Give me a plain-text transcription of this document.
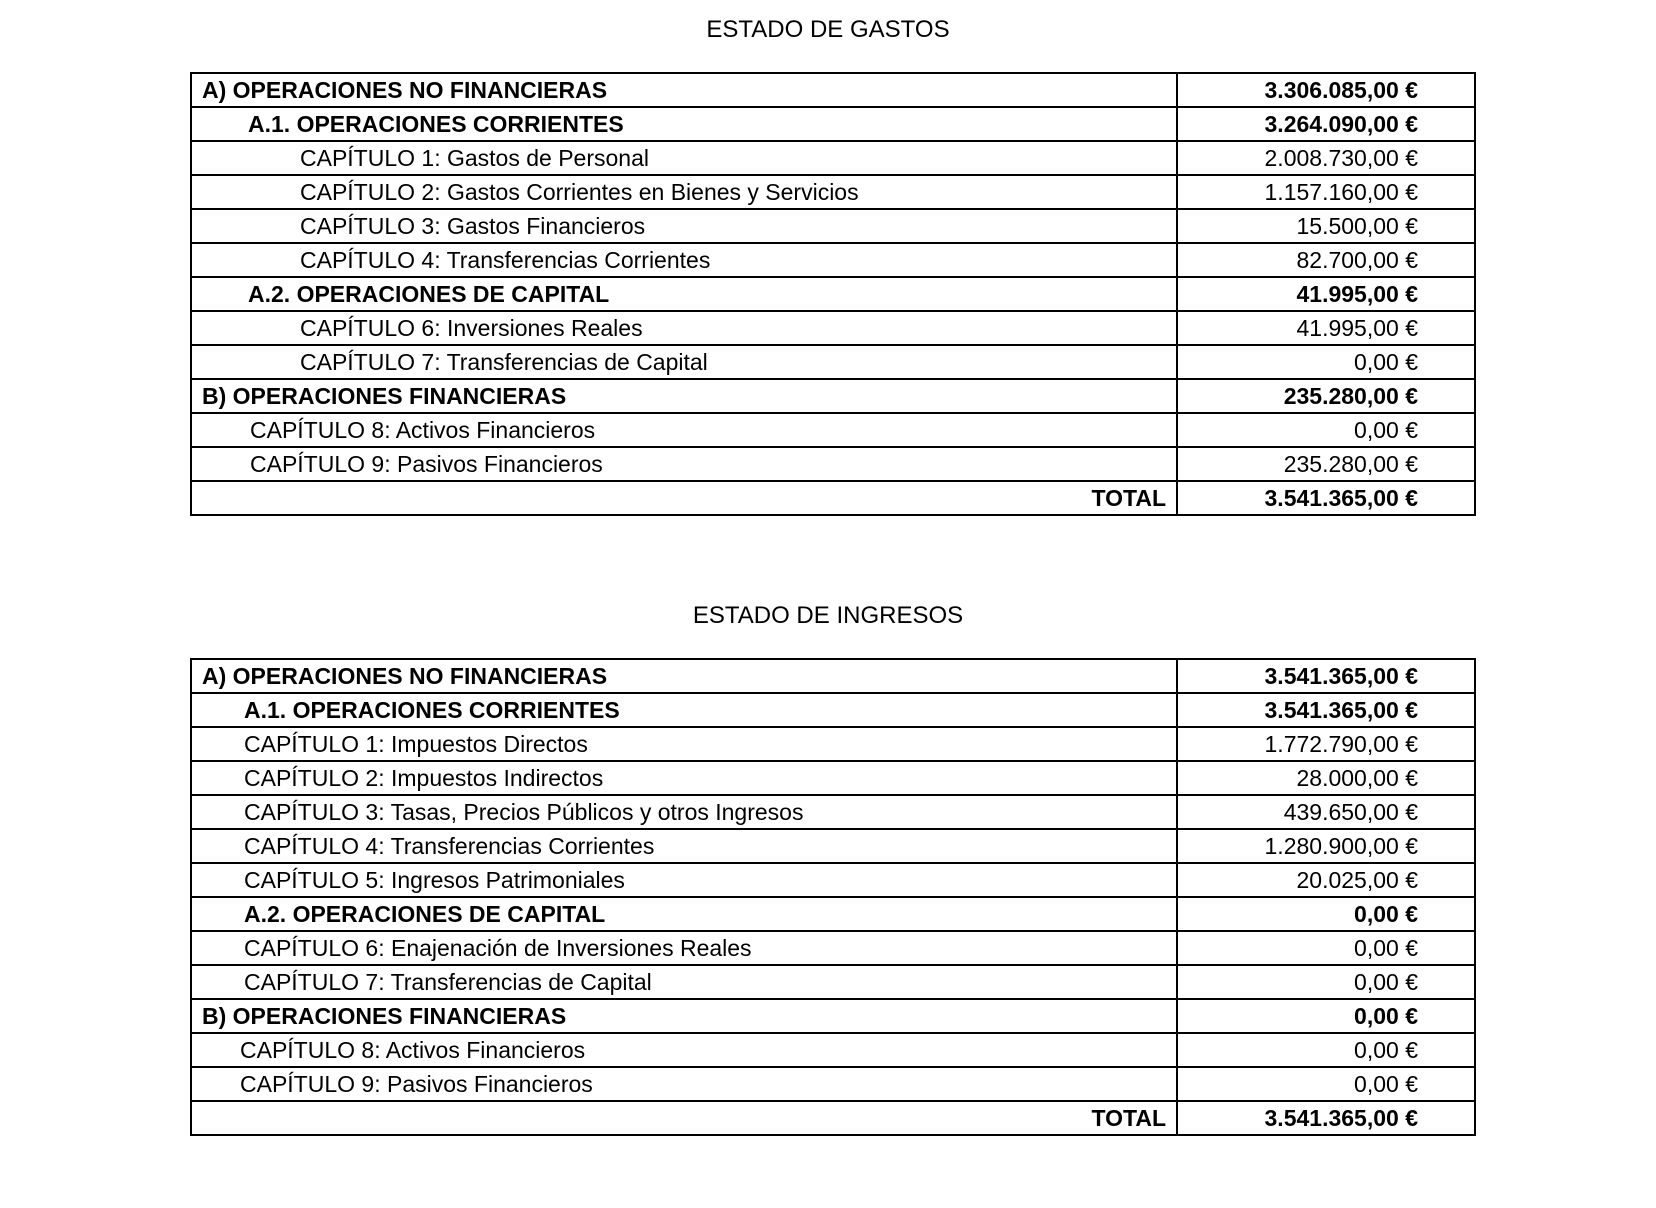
ESTADO DE GASTOS
A) OPERACIONES NO FINANCIERAS	3.306.085,00 €
A.1. OPERACIONES CORRIENTES	3.264.090,00 €
CAPÍTULO 1: Gastos de Personal	2.008.730,00 €
CAPÍTULO 2: Gastos Corrientes en Bienes y Servicios	1.157.160,00 €
CAPÍTULO 3: Gastos Financieros	15.500,00 €
CAPÍTULO 4: Transferencias Corrientes	82.700,00 €
A.2. OPERACIONES DE CAPITAL	41.995,00 €
CAPÍTULO 6: Inversiones Reales	41.995,00 €
CAPÍTULO 7: Transferencias de Capital	0,00 €
B) OPERACIONES FINANCIERAS	235.280,00 €
CAPÍTULO 8: Activos Financieros	0,00 €
CAPÍTULO 9: Pasivos Financieros	235.280,00 €
TOTAL	3.541.365,00 €
ESTADO DE INGRESOS
A) OPERACIONES NO FINANCIERAS	3.541.365,00 €
A.1. OPERACIONES CORRIENTES	3.541.365,00 €
CAPÍTULO 1: Impuestos Directos	1.772.790,00 €
CAPÍTULO 2: Impuestos Indirectos	28.000,00 €
CAPÍTULO 3: Tasas, Precios Públicos y otros Ingresos	439.650,00 €
CAPÍTULO 4: Transferencias Corrientes	1.280.900,00 €
CAPÍTULO 5: Ingresos Patrimoniales	20.025,00 €
A.2. OPERACIONES DE CAPITAL	0,00 €
CAPÍTULO 6: Enajenación de Inversiones Reales	0,00 €
CAPÍTULO 7: Transferencias de Capital	0,00 €
B) OPERACIONES FINANCIERAS	0,00 €
CAPÍTULO 8: Activos Financieros	0,00 €
CAPÍTULO 9: Pasivos Financieros	0,00 €
TOTAL	3.541.365,00 €
